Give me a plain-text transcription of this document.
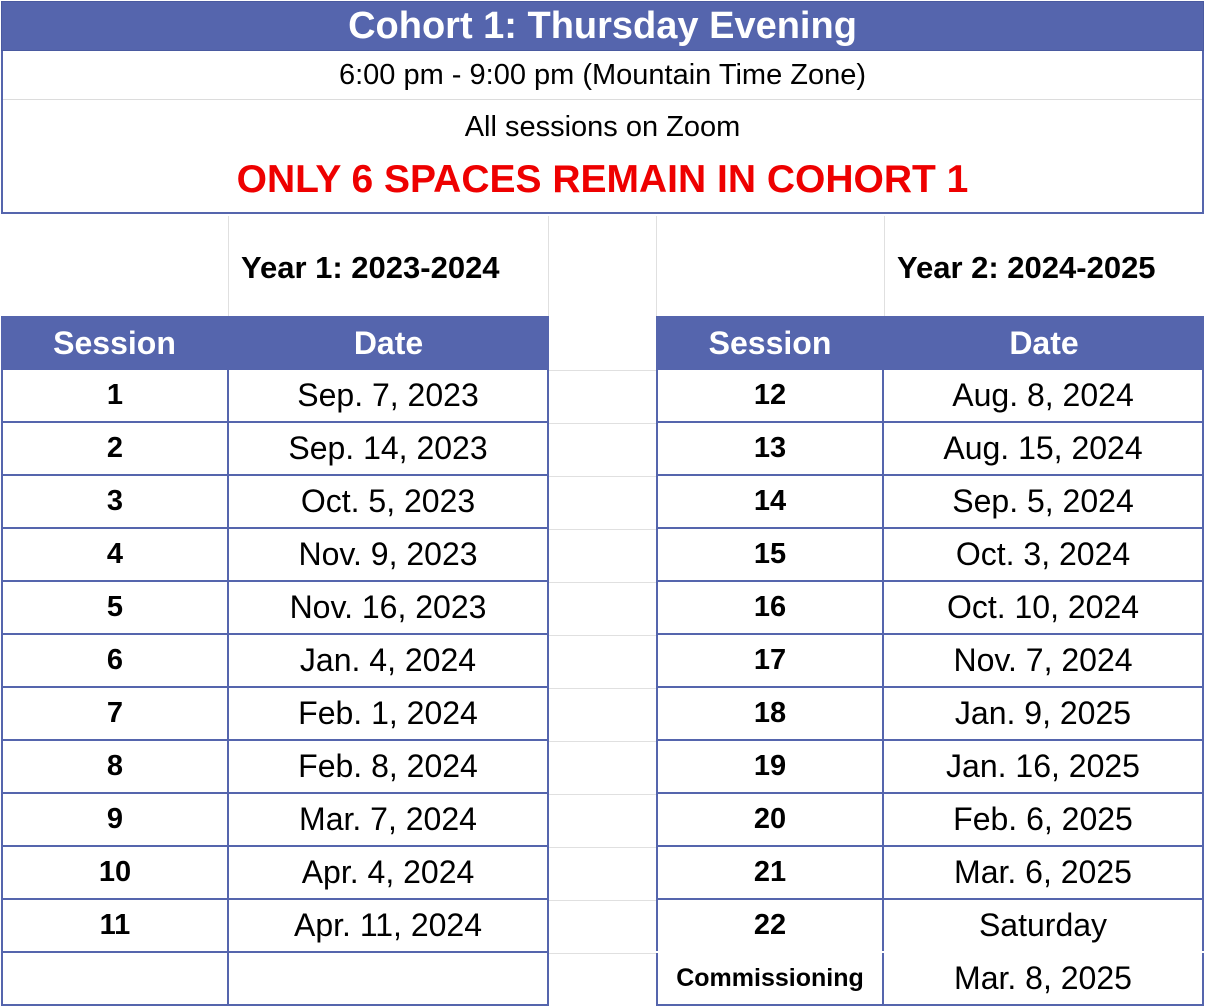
Cohort 1: Thursday Evening
6:00 pm - 9:00 pm (Mountain Time Zone)
All sessions on Zoom
ONLY 6 SPACES REMAIN IN COHORT 1
Year 1: 2023-2024	Year 2: 2024-2025
Session	Date
1	Sep. 7, 2023
2	Sep. 14, 2023
3	Oct. 5, 2023
4	Nov. 9, 2023
5	Nov. 16, 2023
6	Jan. 4, 2024
7	Feb. 1, 2024
8	Feb. 8, 2024
9	Mar. 7, 2024
10	Apr. 4, 2024
11	Apr. 11, 2024
Session	Date
12	Aug. 8, 2024
13	Aug. 15, 2024
14	Sep. 5, 2024
15	Oct. 3, 2024
16	Oct. 10, 2024
17	Nov. 7, 2024
18	Jan. 9, 2025
19	Jan. 16, 2025
20	Feb. 6, 2025
21	Mar. 6, 2025
22	Saturday
Commissioning	Mar. 8, 2025
